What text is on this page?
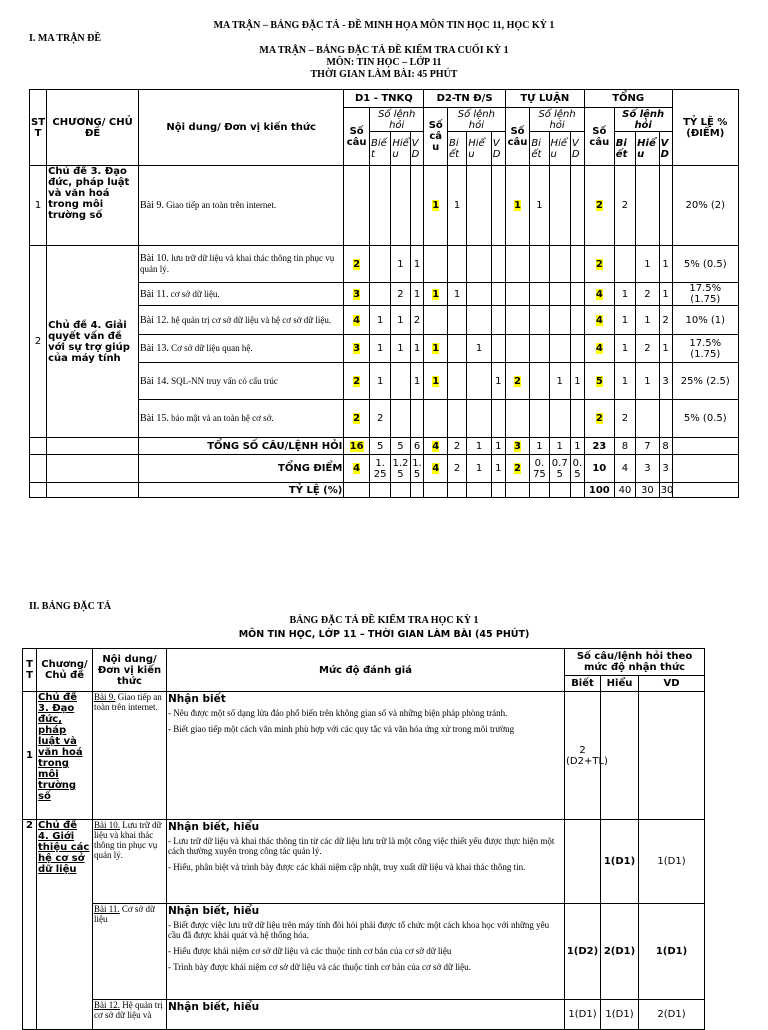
MA TRẬN – BẢNG ĐẶC TẢ - ĐỀ MINH HỌA MÔN TIN HỌC 11, HỌC KỲ 1
I. MA TRẬN ĐỀ
MA TRẬN – BẢNG ĐẶC TẢ ĐỀ KIỂM TRA CUỐI KỲ 1
MÔN: TIN HỌC – LỚP 11
THỜI GIAN LÀM BÀI: 45 PHÚT
ST T	CHƯƠNG/ CHỦ ĐỀ	Nội dung/ Đơn vị kiến thức	D1 - TNKQ				D2-TN Đ/S				TỰ LUẬN				TỔNG				TỶ LỆ % (ĐIỂM)
			Số câu	Số lệnh hỏi			Số câ u	Số lệnh hỏi			Số câu	Số lệnh hỏi			Số câu	Số lệnh hỏi			
				Biế t	Hiể u	V D		Bi ết	Hiể u	V D		Bi ết	Hiể u	V D		Bi ết	Hiể u	V D	
1	Chủ đề 3. Đạo đức, pháp luật và văn hoá trong môi trường số	Bài 9. Giao tiếp an toàn trên internet.					1	1			1	1			2	2			20% (2)
2	Chủ đề 4. Giải quyết vấn đề với sự trợ giúp của máy tính	Bài 10. lưu trữ dữ liệu và khai thác thông tin phục vụ quản lý.	2		1	1									2		1	1	5% (0.5)
		Bài 11. cơ sở dữ liệu.	3		2	1	1	1							4	1	2	1	17.5% (1.75)
		Bài 12. hệ quản trị cơ sở dữ liệu và hệ cơ sở dữ liệu.	4	1	1	2									4	1	1	2	10% (1)
		Bài 13. Cơ sở dữ liệu quan hệ.	3	1	1	1	1		1						4	1	2	1	17.5% (1.75)
		Bài 14. SQL-NN truy vấn có cấu trúc	2	1		1	1			1	2		1	1	5	1	1	3	25% (2.5)
		Bài 15. bảo mật và an toàn hệ cơ sở.	2	2											2	2			5% (0.5)
		TỔNG SỐ CÂU/LỆNH HỎI	16	5	5	6	4	2	1	1	3	1	1	1	23	8	7	8	
		TỔNG ĐIỂM	4	1. 25	1.2 5	1. 5	4	2	1	1	2	0. 75	0.7 5	0. 5	10	4	3	3	
		TỶ LỆ (%)													100	40	30	30	
II. BẢNG ĐẶC TẢ
BẢNG ĐẶC TẢ ĐỀ KIỂM TRA HỌC KỲ 1
MÔN TIN HỌC, LỚP 11 – THỜI GIAN LÀM BÀI (45 PHÚT)
T T	Chương/ Chủ đề	Nội dung/Đơn vị kiến thức	Mức độ đánh giá	Số câu/lệnh hỏi theo mức độ nhận thức		
				Biết	Hiểu	VD
1	Chủ đề 3. Đạo đức, pháp luật và văn hoá trong môi trường số	Bài 9. Giao tiếp an toàn trên internet.	Nhận biết
- Nêu được một số dạng lừa đảo phổ biến trên không gian số và những biện pháp phòng tránh.
- Biết giao tiếp một cách văn minh phù hợp với các quy tắc và văn hóa ứng xử trong môi trường	2 (D2+TL)		
2	Chủ đề 4. Giới thiệu các hệ cơ sở dữ liệu	Bài 10. Lưu trữ dữ liệu và khai thác thông tin phục vụ quản lý.	Nhận biết, hiểu
- Lưu trữ dữ liệu và khai thác thông tin từ các dữ liệu lưu trữ là một công việc thiết yếu được thực hiện một cách thường xuyên trong công tác quản lý.
- Hiểu, phân biệt và trình bày được các khái niệm cập nhật, truy xuất dữ liệu và khai thác thông tin.		1(D1)	1(D1)
		Bài 11. Cơ sở dữ liệu	Nhận biết, hiểu
- Biết được việc lưu trữ dữ liệu trên máy tính đòi hỏi phải được tổ chức một cách khoa học với những yêu cầu đã được khái quát và hệ thống hóa.
- Hiểu được khái niệm cơ sở dữ liệu và các thuộc tính cơ bản của cơ sở dữ liệu
- Trình bày được khái niệm cơ sở dữ liệu và các thuộc tính cơ bản của cơ sở dữ liệu.	1(D2)	2(D1)	1(D1)
		Bài 12. Hệ quản trị cơ sở dữ liệu và	Nhận biết, hiểu	1(D1)	1(D1)	2(D1)
